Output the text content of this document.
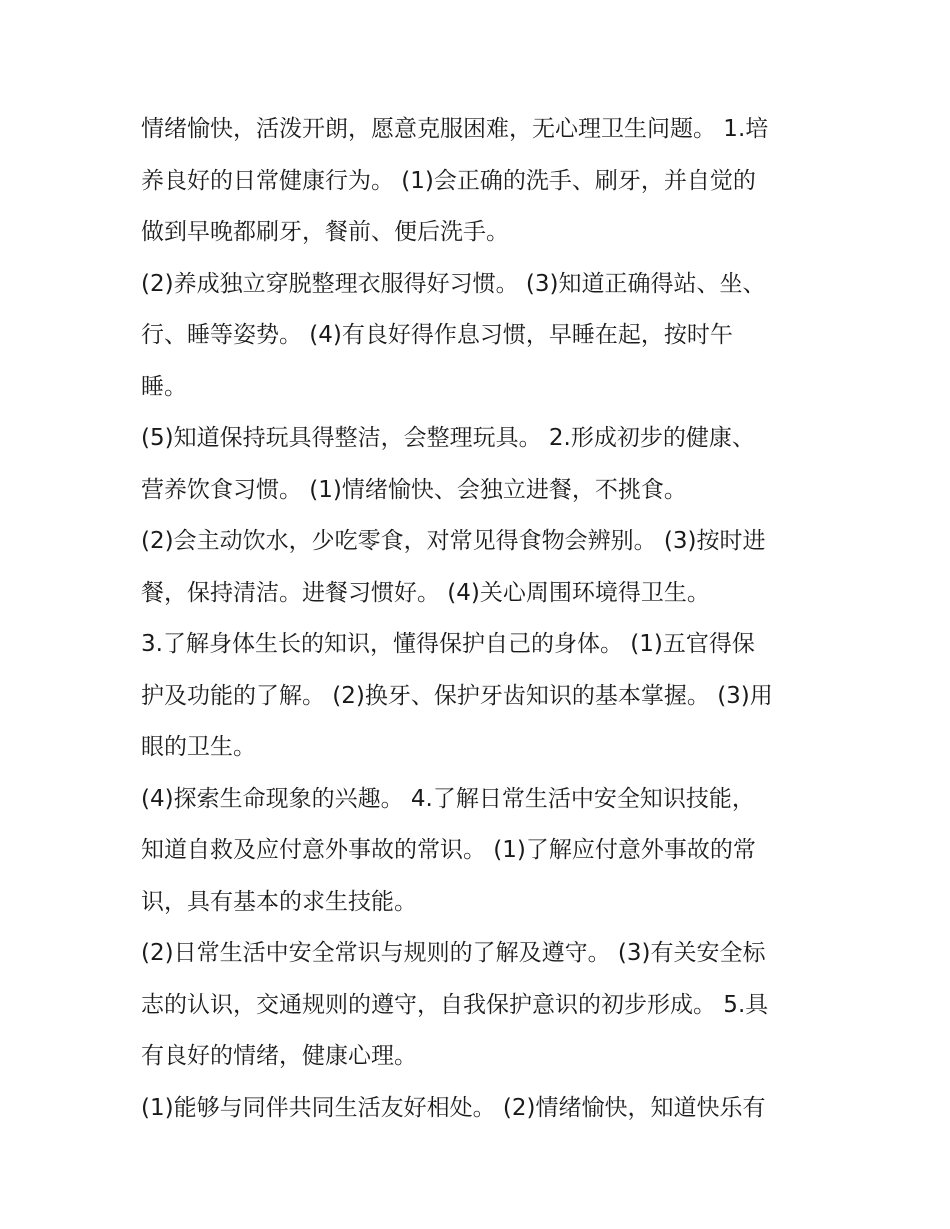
情绪愉快，活泼开朗，愿意克服困难，无心理卫生问题。 1.培
养良好的日常健康行为。 (1)会正确的洗手、刷牙，并自觉的
做到早晚都刷牙，餐前、便后洗手。

(2)养成独立穿脱整理衣服得好习惯。 (3)知道正确得站、坐、
行、睡等姿势。 (4)有良好得作息习惯，早睡在起，按时午
睡。

(5)知道保持玩具得整洁，会整理玩具。 2.形成初步的健康、
营养饮食习惯。 (1)情绪愉快、会独立进餐，不挑食。

(2)会主动饮水，少吃零食，对常见得食物会辨别。 (3)按时进
餐，保持清洁。进餐习惯好。 (4)关心周围环境得卫生。

3.了解身体生长的知识，懂得保护自己的身体。 (1)五官得保
护及功能的了解。 (2)换牙、保护牙齿知识的基本掌握。 (3)用
眼的卫生。

(4)探索生命现象的兴趣。 4.了解日常生活中安全知识技能，
知道自救及应付意外事故的常识。 (1)了解应付意外事故的常
识，具有基本的求生技能。

(2)日常生活中安全常识与规则的了解及遵守。 (3)有关安全标
志的认识，交通规则的遵守，自我保护意识的初步形成。 5.具
有良好的情绪，健康心理。

(1)能够与同伴共同生活友好相处。 (2)情绪愉快，知道快乐有
